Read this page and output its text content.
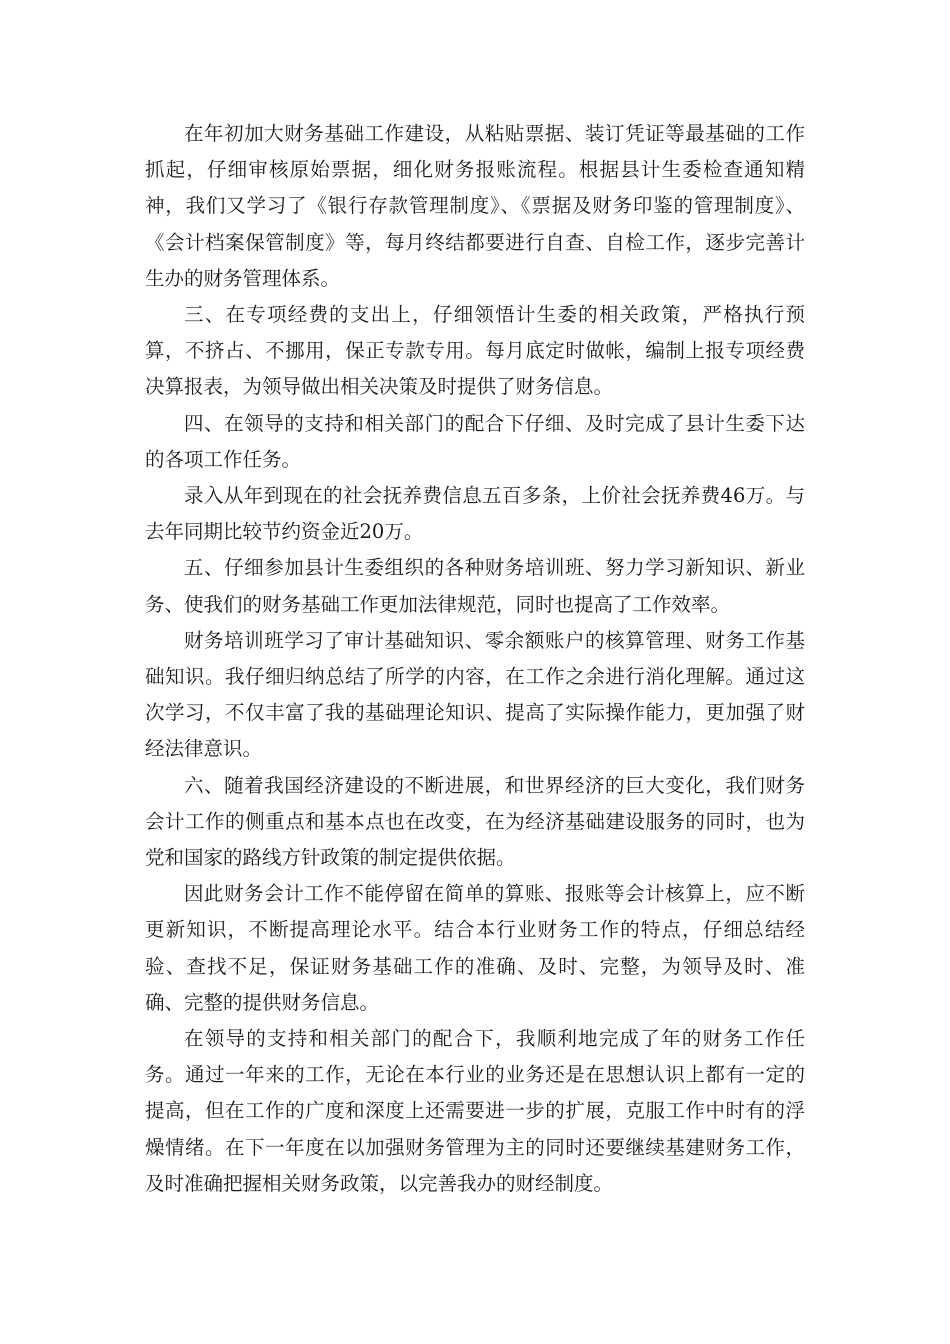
在年初加大财务基础工作建设，从粘贴票据、装订凭证等最基础的工作抓起，仔细审核原始票据，细化财务报账流程。根据县计生委检查通知精神，我们又学习了《银行存款管理制度》、《票据及财务印鉴的管理制度》、《会计档案保管制度》等，每月终结都要进行自查、自检工作，逐步完善计生办的财务管理体系。

三、在专项经费的支出上，仔细领悟计生委的相关政策，严格执行预算，不挤占、不挪用，保正专款专用。每月底定时做帐，编制上报专项经费决算报表，为领导做出相关决策及时提供了财务信息。

四、在领导的支持和相关部门的配合下仔细、及时完成了县计生委下达的各项工作任务。

录入从年到现在的社会抚养费信息五百多条，上价社会抚养费46万。与去年同期比较节约资金近20万。

五、仔细参加县计生委组织的各种财务培训班、努力学习新知识、新业务、使我们的财务基础工作更加法律规范，同时也提高了工作效率。

财务培训班学习了审计基础知识、零余额账户的核算管理、财务工作基础知识。我仔细归纳总结了所学的内容，在工作之余进行消化理解。通过这次学习，不仅丰富了我的基础理论知识、提高了实际操作能力，更加强了财经法律意识。

六、随着我国经济建设的不断进展，和世界经济的巨大变化，我们财务会计工作的侧重点和基本点也在改变，在为经济基础建设服务的同时，也为党和国家的路线方针政策的制定提供依据。

因此财务会计工作不能停留在简单的算账、报账等会计核算上，应不断更新知识，不断提高理论水平。结合本行业财务工作的特点，仔细总结经验、查找不足，保证财务基础工作的准确、及时、完整，为领导及时、准确、完整的提供财务信息。

在领导的支持和相关部门的配合下，我顺利地完成了年的财务工作任务。通过一年来的工作，无论在本行业的业务还是在思想认识上都有一定的提高，但在工作的广度和深度上还需要进一步的扩展，克服工作中时有的浮燥情绪。在下一年度在以加强财务管理为主的同时还要继续基建财务工作，及时准确把握相关财务政策，以完善我办的财经制度。
